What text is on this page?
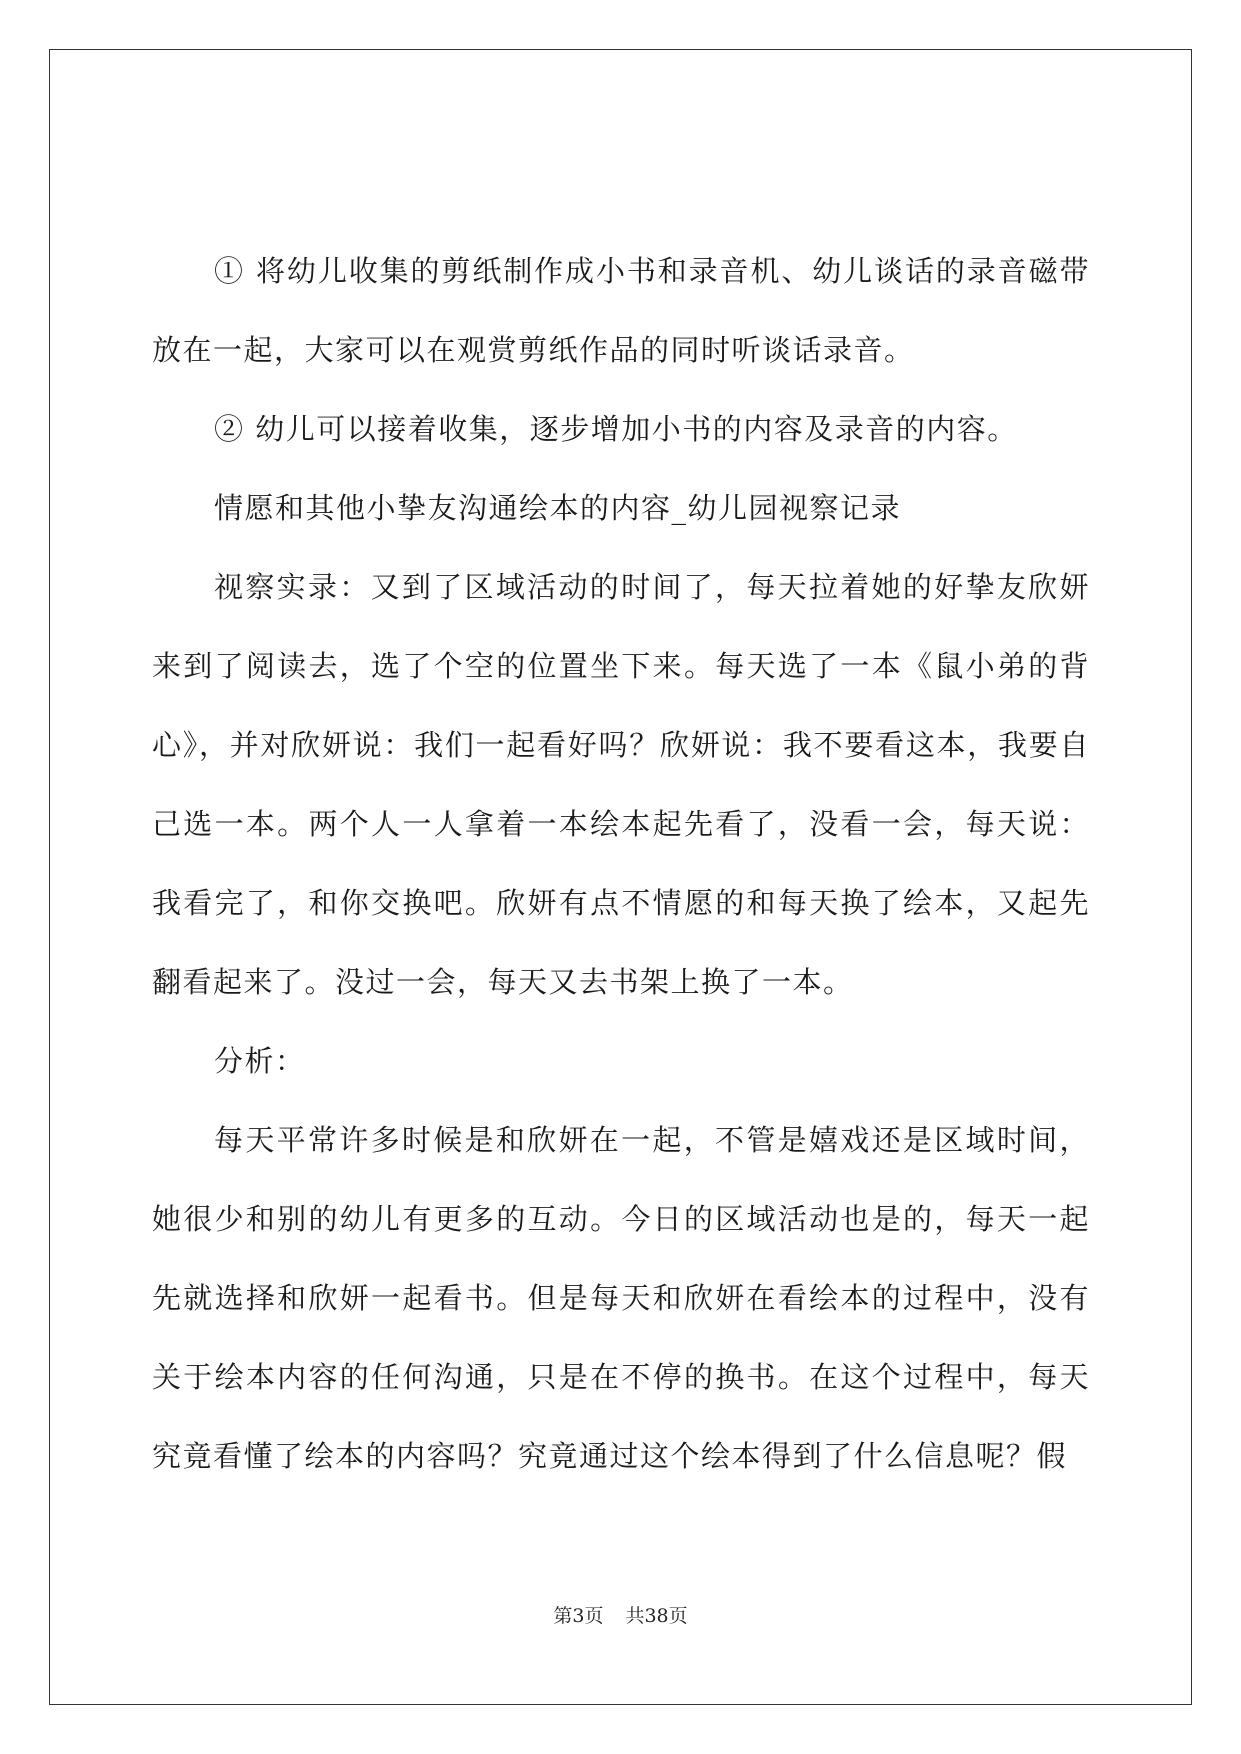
① 将幼儿收集的剪纸制作成小书和录音机、幼儿谈话的录音磁带放在一起，大家可以在观赏剪纸作品的同时听谈话录音。

② 幼儿可以接着收集，逐步增加小书的内容及录音的内容。

情愿和其他小挚友沟通绘本的内容_幼儿园视察记录

视察实录：又到了区域活动的时间了，每天拉着她的好挚友欣妍来到了阅读去，选了个空的位置坐下来。每天选了一本《鼠小弟的背心》，并对欣妍说：我们一起看好吗？欣妍说：我不要看这本，我要自己选一本。两个人一人拿着一本绘本起先看了，没看一会，每天说：我看完了，和你交换吧。欣妍有点不情愿的和每天换了绘本，又起先翻看起来了。没过一会，每天又去书架上换了一本。

分析：

每天平常许多时候是和欣妍在一起，不管是嬉戏还是区域时间，她很少和别的幼儿有更多的互动。今日的区域活动也是的，每天一起先就选择和欣妍一起看书。但是每天和欣妍在看绘本的过程中，没有关于绘本内容的任何沟通，只是在不停的换书。在这个过程中，每天究竟看懂了绘本的内容吗？究竟通过这个绘本得到了什么信息呢？假

第3页 共38页
